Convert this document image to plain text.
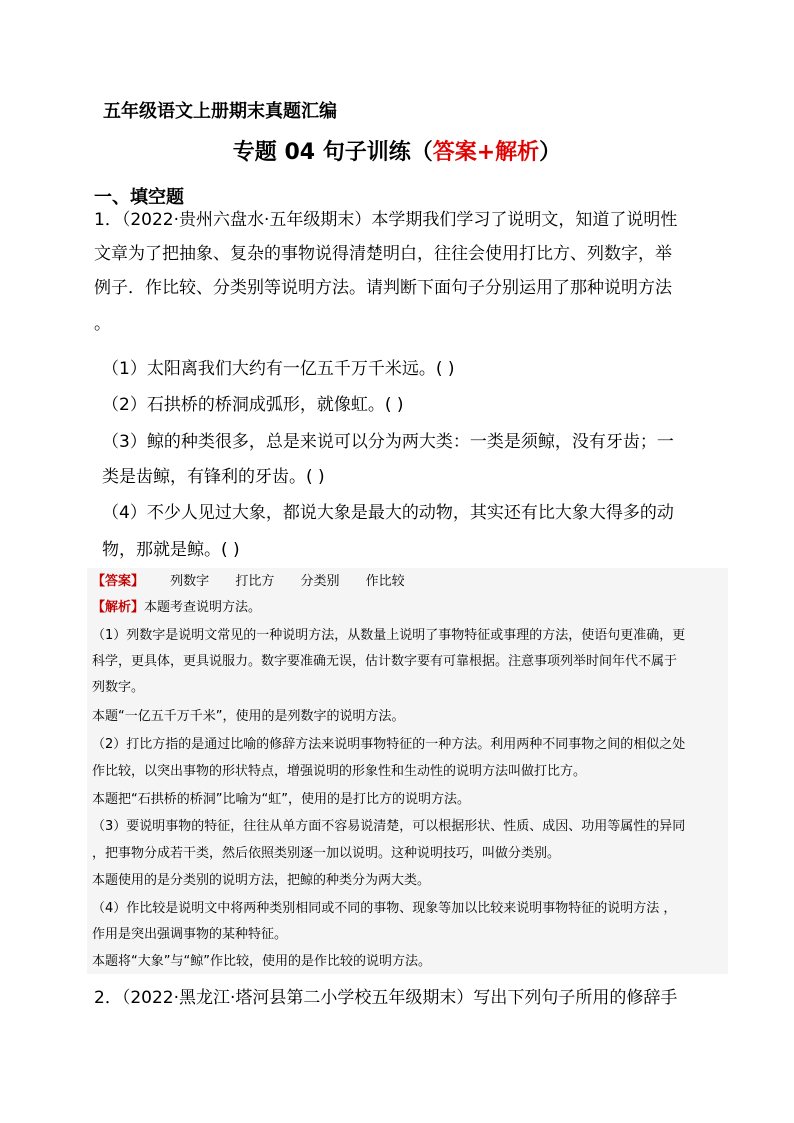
五年级语文上册期末真题汇编
专题 04 句子训练（答案+解析）
一、填空题
1．（2022·贵州六盘水·五年级期末）本学期我们学习了说明文，知道了说明性
文章为了把抽象、复杂的事物说得清楚明白，往往会使用打比方、列数字，举
例子．作比较、分类别等说明方法。请判断下面句子分别运用了那种说明方法
。
（1）太阳离我们大约有一亿五千万千米远。( )
（2）石拱桥的桥洞成弧形，就像虹。( )
（3）鲸的种类很多，总是来说可以分为两大类：一类是须鲸，没有牙齿；一
类是齿鲸，有锋利的牙齿。( )
（4）不少人见过大象，都说大象是最大的动物，其实还有比大象大得多的动
物，那就是鲸。( )
【答案】 列数字 打比方 分类别 作比较
【解析】本题考查说明方法。
（1）列数字是说明文常见的一种说明方法，从数量上说明了事物特征或事理的方法，使语句更准确，更
科学，更具体，更具说服力。数字要准确无误，估计数字要有可靠根据。注意事项列举时间年代不属于
列数字。
本题“一亿五千万千米”，使用的是列数字的说明方法。
（2）打比方指的是通过比喻的修辞方法来说明事物特征的一种方法。利用两种不同事物之间的相似之处
作比较，以突出事物的形状特点，增强说明的形象性和生动性的说明方法叫做打比方。
本题把“石拱桥的桥洞”比喻为“虹”，使用的是打比方的说明方法。
（3）要说明事物的特征，往往从单方面不容易说清楚，可以根据形状、性质、成因、功用等属性的异同
，把事物分成若干类，然后依照类别逐一加以说明。这种说明技巧，叫做分类别。
本题使用的是分类别的说明方法，把鲸的种类分为两大类。
（4）作比较是说明文中将两种类别相同或不同的事物、现象等加以比较来说明事物特征的说明方法 ，
作用是突出强调事物的某种特征。
本题将“大象”与“鲸”作比较，使用的是作比较的说明方法。
2．（2022·黑龙江·塔河县第二小学校五年级期末）写出下列句子所用的修辞手
